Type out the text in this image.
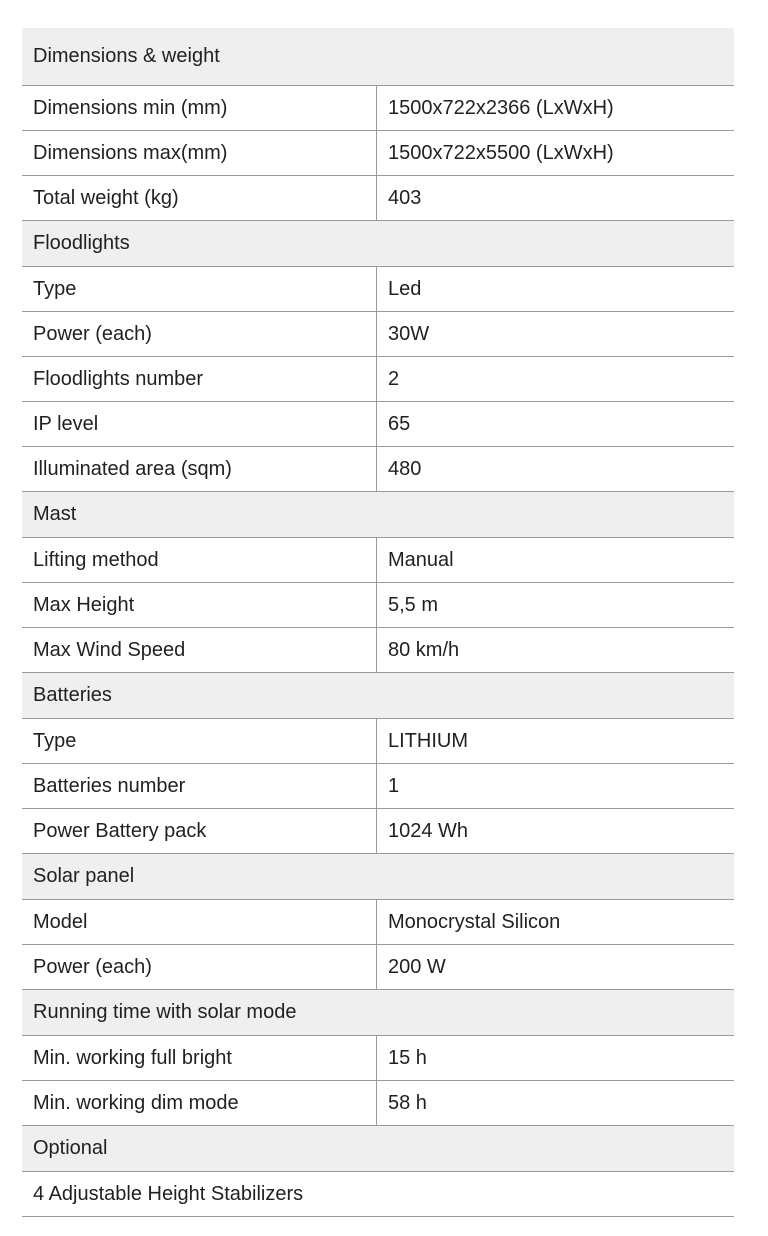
Dimensions & weight
Dimensions min (mm)	1500x722x2366 (LxWxH)
Dimensions max(mm)	1500x722x5500 (LxWxH)
Total weight (kg)	403
Floodlights
Type	Led
Power (each)	30W
Floodlights number	2
IP level	65
Illuminated area (sqm)	480
Mast
Lifting method	Manual
Max Height	5,5 m
Max Wind Speed	80 km/h
Batteries
Type	LITHIUM
Batteries number	1
Power Battery pack	1024 Wh
Solar panel
Model	Monocrystal Silicon
Power (each)	200 W
Running time with solar mode
Min. working full bright	15 h
Min. working dim mode	58 h
Optional
4 Adjustable Height Stabilizers
